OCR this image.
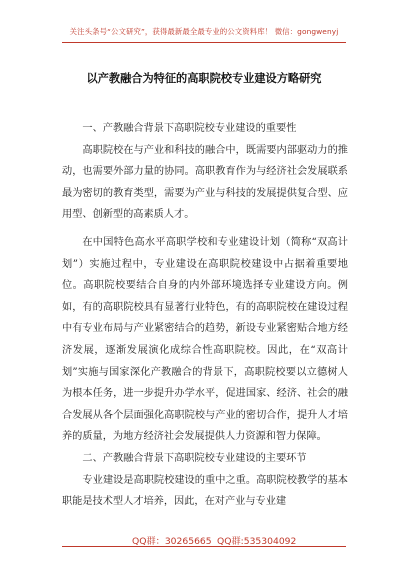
关注头条号“公文研究”，获得最新最全最专业的公文资料库！ 微信：gongwenyj
以产教融合为特征的高职院校专业建设方略研究

一、产教融合背景下高职院校专业建设的重要性

高职院校在与产业和科技的融合中，既需要内部驱动力的推动，也需要外部力量的协同。高职教育作为与经济社会发展联系最为密切的教育类型，需要为产业与科技的发展提供复合型、应用型、创新型的高素质人才。

在中国特色高水平高职学校和专业建设计划（简称“双高计划”）实施过程中，专业建设在高职院校建设中占据着重要地位。高职院校要结合自身的内外部环境选择专业建设方向。例如，有的高职院校具有显著行业特色，有的高职院校在建设过程中有专业布局与产业紧密结合的趋势，新设专业紧密贴合地方经济发展，逐渐发展演化成综合性高职院校。因此，在“双高计划”实施与国家深化产教融合的背景下，高职院校要以立德树人为根本任务，进一步提升办学水平，促进国家、经济、社会的融合发展从各个层面强化高职院校与产业的密切合作，提升人才培养的质量，为地方经济社会发展提供人力资源和智力保障。

二、产教融合背景下高职院校专业建设的主要环节

专业建设是高职院校建设的重中之重。高职院校教学的基本职能是技术型人才培养，因此，在对产业与专业建

QQ群：30265665 QQ群:535304092
